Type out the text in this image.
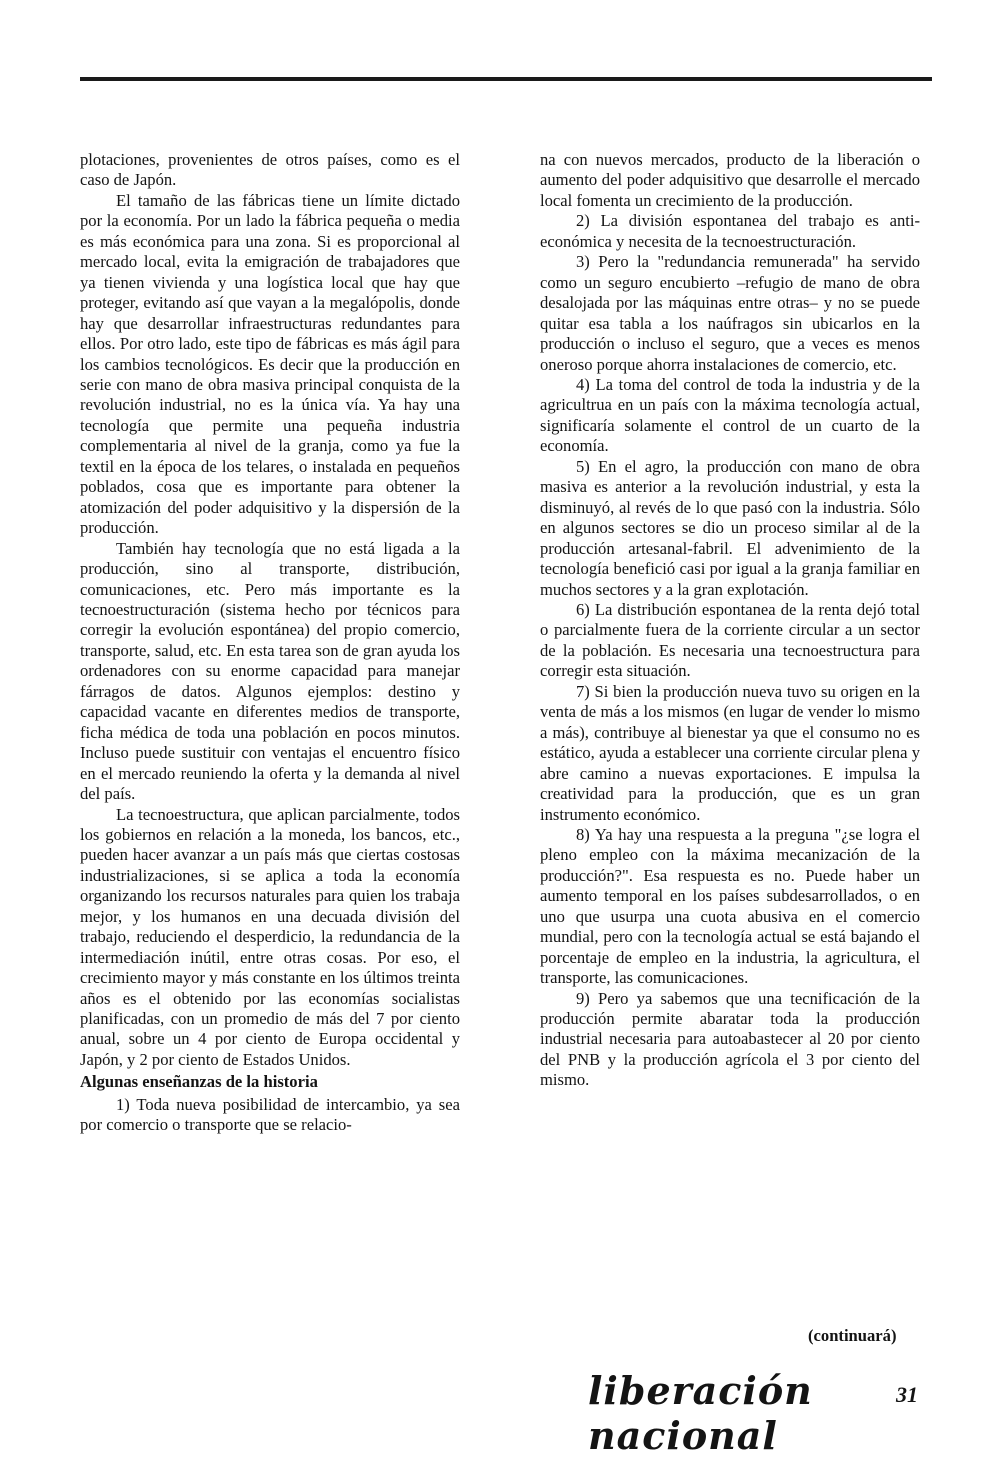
plotaciones, provenientes de otros países, como es el caso de Japón.

El tamaño de las fábricas tiene un límite dictado por la economía. Por un lado la fábrica pequeña o media es más económica para una zona. Si es proporcional al mercado local, evita la emigración de trabajadores que ya tienen vivienda y una logística local que hay que proteger, evitando así que vayan a la megalópolis, donde hay que desarrollar infraestructuras redundantes para ellos. Por otro lado, este tipo de fábricas es más ágil para los cambios tecnológicos. Es decir que la producción en serie con mano de obra masiva principal conquista de la revolución industrial, no es la única vía. Ya hay una tecnología que permite una pequeña industria complementaria al nivel de la granja, como ya fue la textil en la época de los telares, o instalada en pequeños poblados, cosa que es importante para obtener la atomización del poder adquisitivo y la dispersión de la producción.

También hay tecnología que no está ligada a la producción, sino al transporte, distribución, comunicaciones, etc. Pero más importante es la tecnoestructuración (sistema hecho por técnicos para corregir la evolución espontánea) del propio comercio, transporte, salud, etc. En esta tarea son de gran ayuda los ordenadores con su enorme capacidad para manejar fárragos de datos. Algunos ejemplos: destino y capacidad vacante en diferentes medios de transporte, ficha médica de toda una población en pocos minutos. Incluso puede sustituir con ventajas el encuentro físico en el mercado reuniendo la oferta y la demanda al nivel del país.

La tecnoestructura, que aplican parcialmente, todos los gobiernos en relación a la moneda, los bancos, etc., pueden hacer avanzar a un país más que ciertas costosas industrializaciones, si se aplica a toda la economía organizando los recursos naturales para quien los trabaja mejor, y los humanos en una decuada división del trabajo, reduciendo el desperdicio, la redundancia de la intermediación inútil, entre otras cosas. Por eso, el crecimiento mayor y más constante en los últimos treinta años es el obtenido por las economías socialistas planificadas, con un promedio de más del 7 por ciento anual, sobre un 4 por ciento de Europa occidental y Japón, y 2 por ciento de Estados Unidos.

Algunas enseñanzas de la historia

1) Toda nueva posibilidad de intercambio, ya sea por comercio o transporte que se relacio-

na con nuevos mercados, producto de la liberación o aumento del poder adquisitivo que desarrolle el mercado local fomenta un crecimiento de la producción.

2) La división espontanea del trabajo es anti-económica y necesita de la tecnoestructuración.

3) Pero la "redundancia remunerada" ha servido como un seguro encubierto –refugio de mano de obra desalojada por las máquinas entre otras– y no se puede quitar esa tabla a los naúfragos sin ubicarlos en la producción o incluso el seguro, que a veces es menos oneroso porque ahorra instalaciones de comercio, etc.

4) La toma del control de toda la industria y de la agricultrua en un país con la máxima tecnología actual, significaría solamente el control de un cuarto de la economía.

5) En el agro, la producción con mano de obra masiva es anterior a la revolución industrial, y esta la disminuyó, al revés de lo que pasó con la industria. Sólo en algunos sectores se dio un proceso similar al de la producción artesanal-fabril. El advenimiento de la tecnología benefició casi por igual a la granja familiar en muchos sectores y a la gran explotación.

6) La distribución espontanea de la renta dejó total o parcialmente fuera de la corriente circular a un sector de la población. Es necesaria una tecnoestructura para corregir esta situación.

7) Si bien la producción nueva tuvo su origen en la venta de más a los mismos (en lugar de vender lo mismo a más), contribuye al bienestar ya que el consumo no es estático, ayuda a establecer una corriente circular plena y abre camino a nuevas exportaciones. E impulsa la creatividad para la producción, que es un gran instrumento económico.

8) Ya hay una respuesta a la preguna "¿se logra el pleno empleo con la máxima mecanización de la producción?". Esa respuesta es no. Puede haber un aumento temporal en los países subdesarrollados, o en uno que usurpa una cuota abusiva en el comercio mundial, pero con la tecnología actual se está bajando el porcentaje de empleo en la industria, la agricultura, el transporte, las comunicaciones.

9) Pero ya sabemos que una tecnificación de la producción permite abaratar toda la producción industrial necesaria para autoabastecer al 20 por ciento del PNB y la producción agrícola el 3 por ciento del mismo.

(continuará)
liberación nacional
31
